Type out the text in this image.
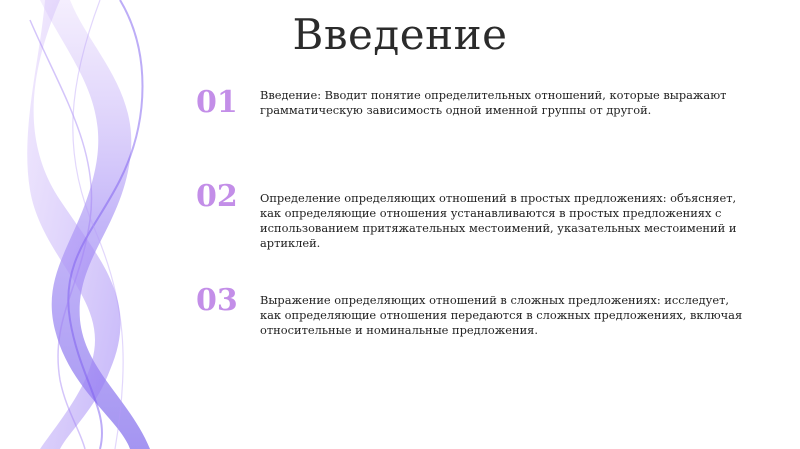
Введение
01	Введение: Вводит понятие определительных отношений, которые выражают грамматическую зависимость одной именной группы от другой.
02	Определение определяющих отношений в простых предложениях: объясняет, как определяющие отношения устанавливаются в простых предложениях с использованием притяжательных местоимений, указательных местоимений и артиклей.
03	Выражение определяющих отношений в сложных предложениях: исследует, как определяющие отношения передаются в сложных предложениях, включая относительные и номинальные предложения.
